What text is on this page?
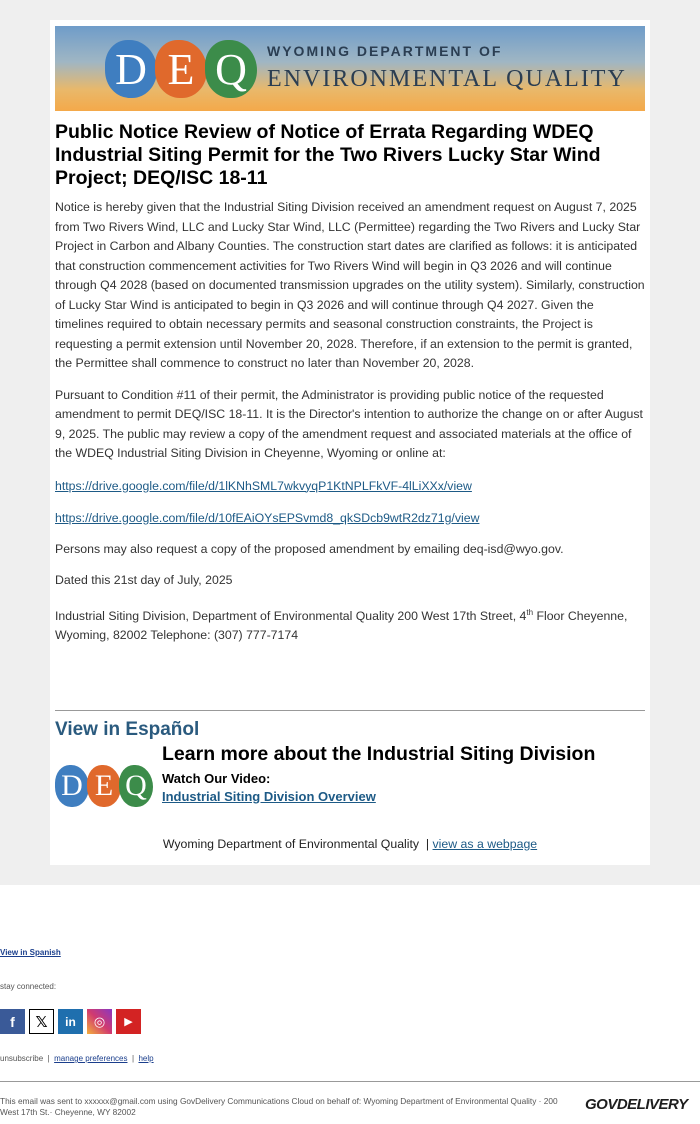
D E Q	WYOMING DEPARTMENT OF
ENVIRONMENTAL QUALITY
Public Notice Review of Notice of Errata Regarding WDEQ Industrial Siting Permit for the Two Rivers Lucky Star Wind Project; DEQ/ISC 18-11

Notice is hereby given that the Industrial Siting Division received an amendment request on August 7, 2025 from Two Rivers Wind, LLC and Lucky Star Wind, LLC (Permittee) regarding the Two Rivers and Lucky Star Project in Carbon and Albany Counties. The construction start dates are clarified as follows: it is anticipated that construction commencement activities for Two Rivers Wind will begin in Q3 2026 and will continue through Q4 2028 (based on documented transmission upgrades on the utility system). Similarly, construction of Lucky Star Wind is anticipated to begin in Q3 2026 and will continue through Q4 2027. Given the timelines required to obtain necessary permits and seasonal construction constraints, the Project is requesting a permit extension until November 20, 2028. Therefore, if an extension to the permit is granted, the Permittee shall commence to construct no later than November 20, 2028.

Pursuant to Condition #11 of their permit, the Administrator is providing public notice of the requested amendment to permit DEQ/ISC 18-11. It is the Director's intention to authorize the change on or after August 9, 2025. The public may review a copy of the amendment request and associated materials at the office of the WDEQ Industrial Siting Division in Cheyenne, Wyoming or online at:

https://drive.google.com/file/d/1lKNhSML7wkvyqP1KtNPLFkVF-4lLiXXx/view

https://drive.google.com/file/d/10fEAiOYsEPSvmd8_qkSDcb9wtR2dz71g/view

Persons may also request a copy of the proposed amendment by emailing deq-isd@wyo.gov.

Dated this 21st day of July, 2025

Industrial Siting Division, Department of Environmental Quality 200 West 17th Street, 4th Floor Cheyenne, Wyoming, 82002 Telephone: (307) 777-7174

View in Español
Learn more about the Industrial Siting Division
D E Q	Watch Our Video:
Industrial Siting Division Overview
Wyoming Department of Environmental Quality | view as a webpage
View in Spanish
stay connected:
f	𝕏	in	◎	▶
unsubscribe  |  manage preferences  |  help
This email was sent to xxxxxx@gmail.com using GovDelivery Communications Cloud on behalf of: Wyoming Department of Environmental Quality · 200 West 17th St.· Cheyenne, WY 82002	GOVDELIVERY
